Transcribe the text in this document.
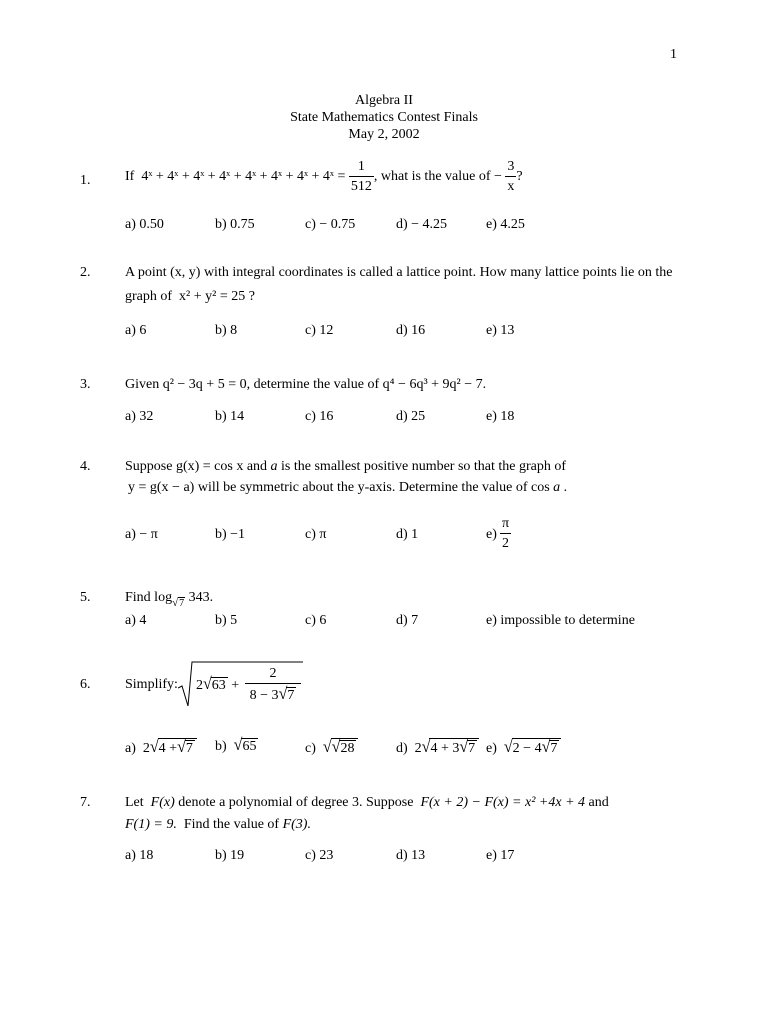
1
Algebra II
State Mathematics Contest Finals
May 2, 2002
1. If 4ˣ + 4ˣ + 4ˣ + 4ˣ + 4ˣ + 4ˣ + 4ˣ + 4ˣ = $\frac{1}{512}$ , what is the value of − $\frac{3}{x}$ ?
a) 0.50	b) 0.75	c) − 0.75	d) − 4.25	e) 4.25
2. A point (x, y) with integral coordinates is called a lattice point. How many lattice points lie on the
graph of x² + y² = 25 ?
a) 6	b) 8	c) 12	d) 16	e) 13
3. Given q² − 3q + 5 = 0, determine the value of q⁴ − 6q³ + 9q² − 7.
a) 32	b) 14	c) 16	d) 25	e) 18
4. Suppose g(x) = cos x and a is the smallest positive number so that the graph of
y = g(x − a) will be symmetric about the y-axis. Determine the value of cos a .
a) − π	b) −1	c) π	d) 1	$e) \frac{\pi}{2}$
5. Find $\log_{√7} 343$.
a) 4	b) 5	c) 6	d) 7	e) impossible to determine
6. Simplify: $2√63 + \frac{2}{8 - 3√7}$
a) 2√4 +√7 b) √65	c) √√28	d) 2√4 + 3√7 e) √2 − 4√7
7. Let F(x) denote a polynomial of degree 3. Suppose F(x + 2) − F(x) = x² +4x + 4 and
F(1) = 9. Find the value of F(3).
a) 18	b) 19	c) 23	d) 13	e) 17
